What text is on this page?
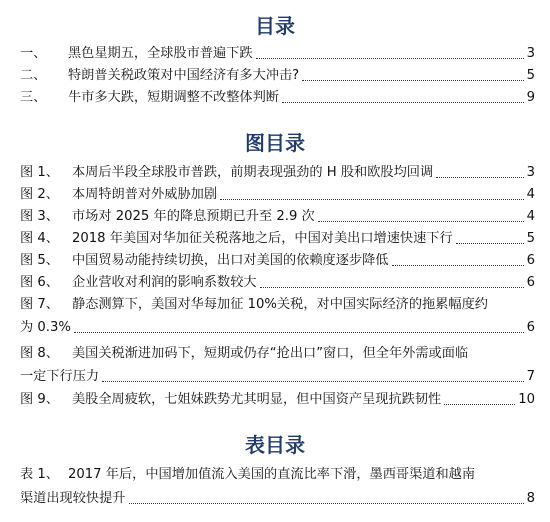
目录
一、	黑色星期五，全球股市普遍下跌	3
二、	特朗普关税政策对中国经济有多大冲击?	5
三、	牛市多大跌，短期调整不改整体判断	9
图目录
图 1、 本周后半段全球股市普跌，前期表现强劲的 H 股和欧股均回调	3
图 2、 本周特朗普对外威胁加剧	4
图 3、 市场对 2025 年的降息预期已升至 2.9 次	4
图 4、 2018 年美国对华加征关税落地之后，中国对美出口增速快速下行	5
图 5、 中国贸易动能持续切换，出口对美国的依赖度逐步降低	6
图 6、 企业营收对利润的影响系数较大	6
图 7、 静态测算下，美国对华每加征 10%关税，对中国实际经济的拖累幅度约
为 0.3%	6
图 8、 美国关税渐进加码下，短期或仍存“抢出口”窗口，但全年外需或面临
一定下行压力	7
图 9、 美股全周疲软，七姐妹跌势尤其明显，但中国资产呈现抗跌韧性	10
表目录
表 1、 2017 年后，中国增加值流入美国的直流比率下滑，墨西哥渠道和越南
渠道出现较快提升	8
